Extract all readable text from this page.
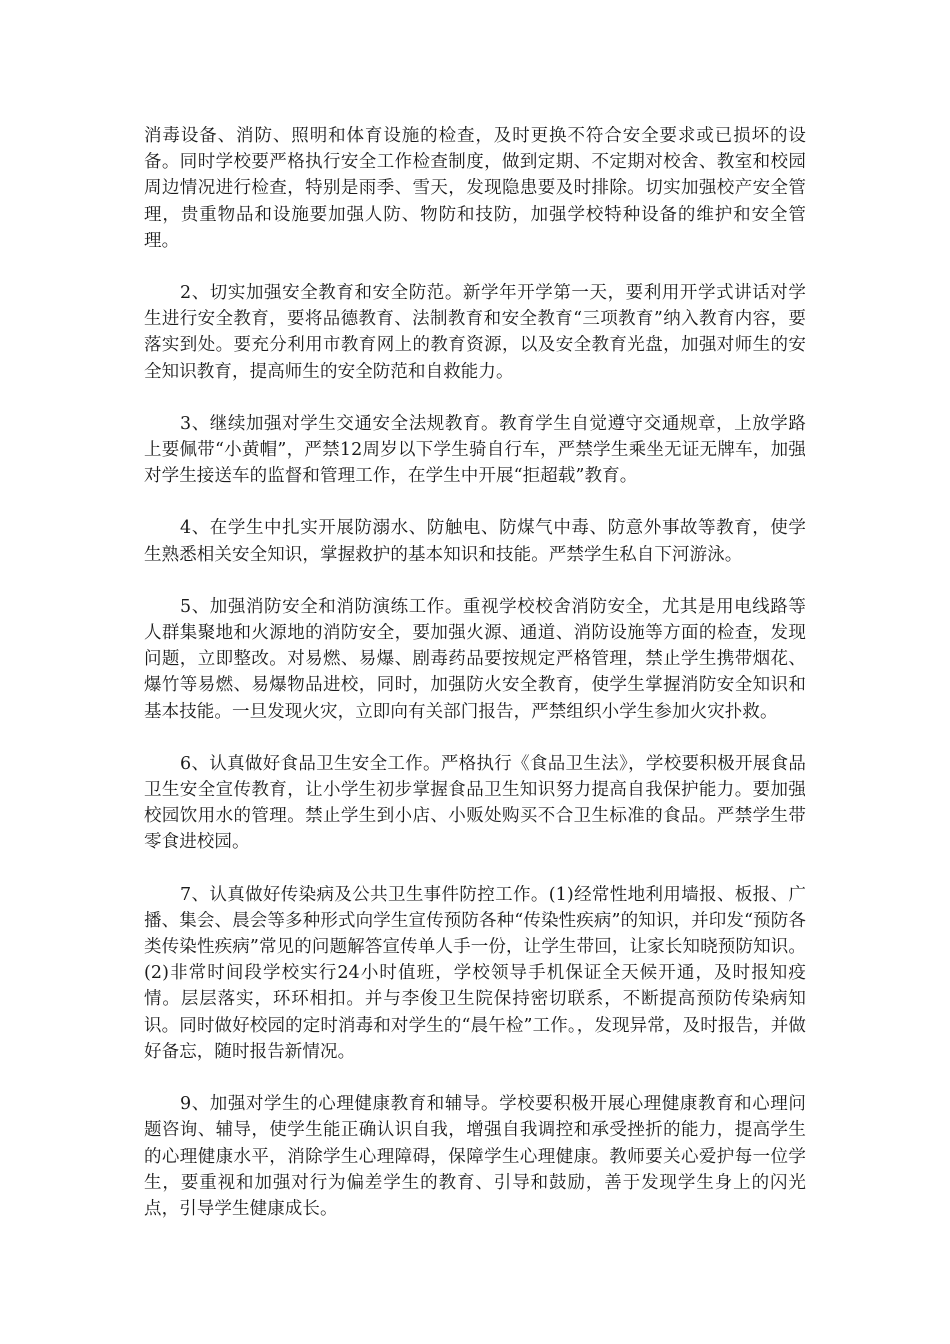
消毒设备、消防、照明和体育设施的检查，及时更换不符合安全要求或已损坏的设备。同时学校要严格执行安全工作检查制度，做到定期、不定期对校舍、教室和校园周边情况进行检查，特别是雨季、雪天，发现隐患要及时排除。切实加强校产安全管理，贵重物品和设施要加强人防、物防和技防，加强学校特种设备的维护和安全管理。

2、切实加强安全教育和安全防范。新学年开学第一天，要利用开学式讲话对学生进行安全教育，要将品德教育、法制教育和安全教育“三项教育”纳入教育内容，要落实到处。要充分利用市教育网上的教育资源，以及安全教育光盘，加强对师生的安全知识教育，提高师生的安全防范和自救能力。

3、继续加强对学生交通安全法规教育。教育学生自觉遵守交通规章，上放学路上要佩带“小黄帽”，严禁12周岁以下学生骑自行车，严禁学生乘坐无证无牌车，加强对学生接送车的监督和管理工作，在学生中开展“拒超载”教育。

4、在学生中扎实开展防溺水、防触电、防煤气中毒、防意外事故等教育，使学生熟悉相关安全知识，掌握救护的基本知识和技能。严禁学生私自下河游泳。

5、加强消防安全和消防演练工作。重视学校校舍消防安全，尤其是用电线路等人群集聚地和火源地的消防安全，要加强火源、通道、消防设施等方面的检查，发现问题，立即整改。对易燃、易爆、剧毒药品要按规定严格管理，禁止学生携带烟花、爆竹等易燃、易爆物品进校，同时，加强防火安全教育，使学生掌握消防安全知识和基本技能。一旦发现火灾，立即向有关部门报告，严禁组织小学生参加火灾扑救。

6、认真做好食品卫生安全工作。严格执行《食品卫生法》，学校要积极开展食品卫生安全宣传教育，让小学生初步掌握食品卫生知识努力提高自我保护能力。要加强校园饮用水的管理。禁止学生到小店、小贩处购买不合卫生标准的食品。严禁学生带零食进校园。

7、认真做好传染病及公共卫生事件防控工作。(1)经常性地利用墙报、板报、广播、集会、晨会等多种形式向学生宣传预防各种“传染性疾病”的知识，并印发“预防各类传染性疾病”常见的问题解答宣传单人手一份，让学生带回，让家长知晓预防知识。(2)非常时间段学校实行24小时值班，学校领导手机保证全天候开通，及时报知疫情。层层落实，环环相扣。并与李俊卫生院保持密切联系，不断提高预防传染病知识。同时做好校园的定时消毒和对学生的“晨午检”工作。，发现异常，及时报告，并做好备忘，随时报告新情况。

9、加强对学生的心理健康教育和辅导。学校要积极开展心理健康教育和心理问题咨询、辅导，使学生能正确认识自我，增强自我调控和承受挫折的能力，提高学生的心理健康水平，消除学生心理障碍，保障学生心理健康。教师要关心爱护每一位学生，要重视和加强对行为偏差学生的教育、引导和鼓励，善于发现学生身上的闪光点，引导学生健康成长。
